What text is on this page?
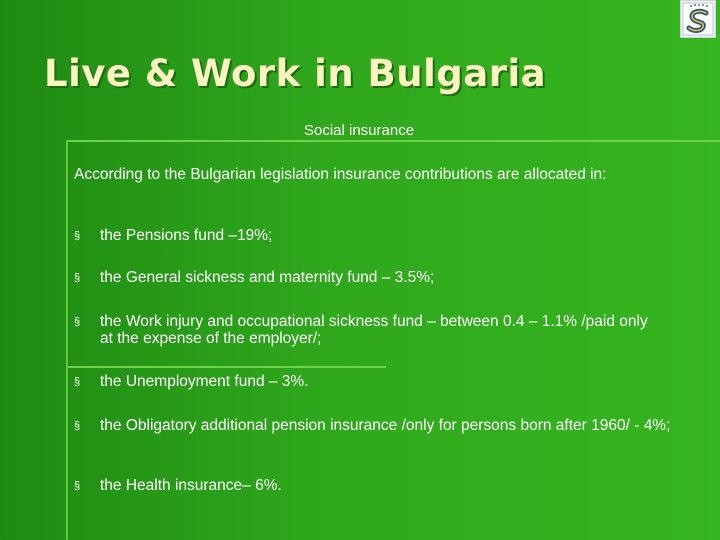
Live & Work in Bulgaria
Social insurance
According to the Bulgarian legislation insurance contributions are allocated in:
§ the Pensions fund –19%;
§ the General sickness and maternity fund – 3.5%;
§ the Work injury and occupational sickness fund – between 0.4 – 1.1% /paid only at the expense of the employer/;
§ the Unemployment fund – 3%.
§ the Obligatory additional pension insurance /only for persons born after 1960/ - 4%;
§ the Health insurance– 6%.
